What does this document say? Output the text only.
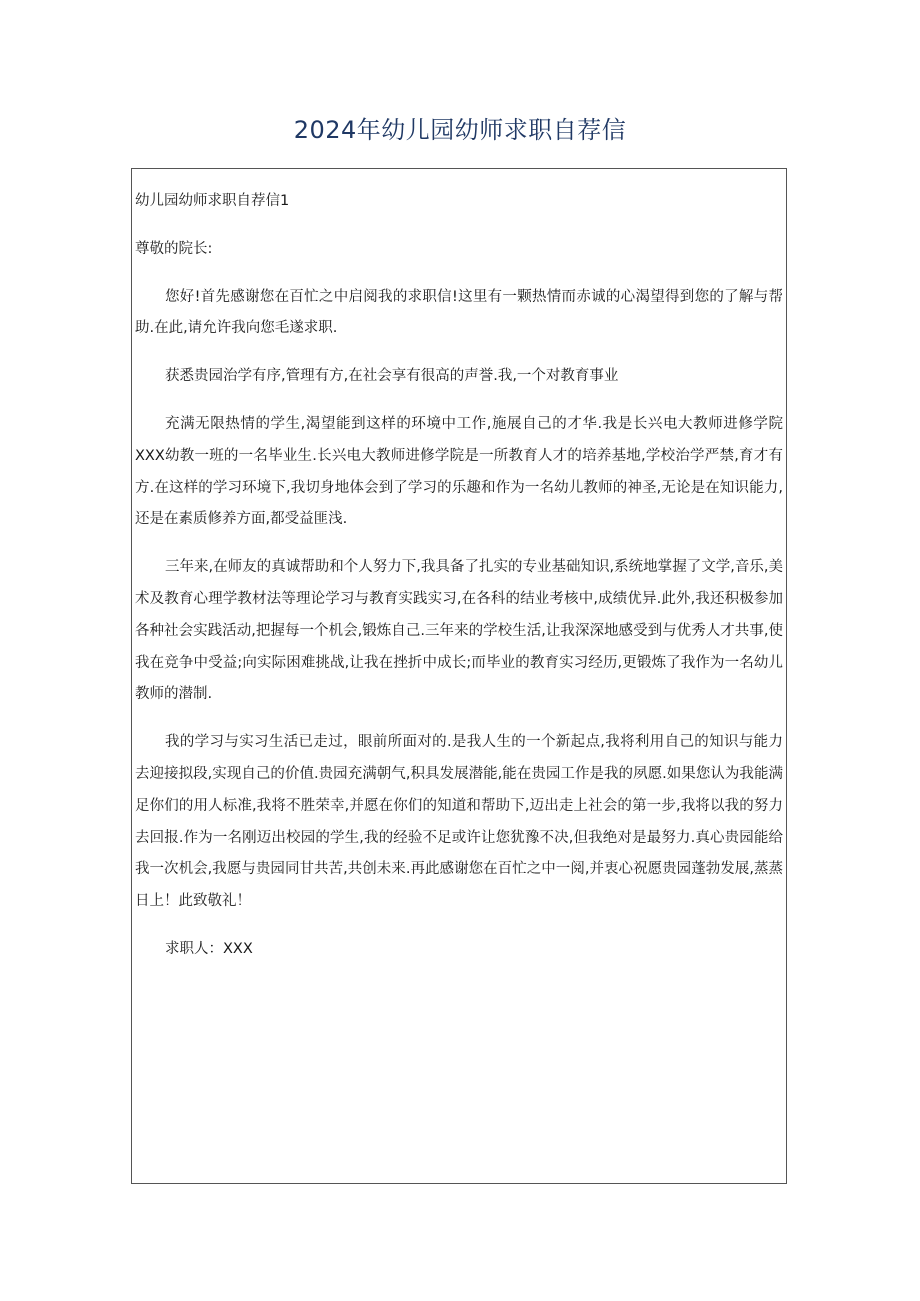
2024年幼儿园幼师求职自荐信

幼儿园幼师求职自荐信1

尊敬的院长:

您好!首先感谢您在百忙之中启阅我的求职信!这里有一颗热情而赤诚的心渴望得到您的了解与帮助.在此,请允许我向您毛遂求职.

获悉贵园治学有序,管理有方,在社会享有很高的声誉.我,一个对教育事业

充满无限热情的学生,渴望能到这样的环境中工作,施展自己的才华.我是长兴电大教师进修学院XXX幼教一班的一名毕业生.长兴电大教师进修学院是一所教育人才的培养基地,学校治学严禁,育才有方.在这样的学习环境下,我切身地体会到了学习的乐趣和作为一名幼儿教师的神圣,无论是在知识能力,还是在素质修养方面,都受益匪浅.

三年来,在师友的真诚帮助和个人努力下,我具备了扎实的专业基础知识,系统地掌握了文学,音乐,美术及教育心理学教材法等理论学习与教育实践实习,在各科的结业考核中,成绩优异.此外,我还积极参加各种社会实践活动,把握每一个机会,锻炼自己.三年来的学校生活,让我深深地感受到与优秀人才共事,使我在竞争中受益;向实际困难挑战,让我在挫折中成长;而毕业的教育实习经历,更锻炼了我作为一名幼儿教师的潜制.

我的学习与实习生活已走过，眼前所面对的.是我人生的一个新起点,我将利用自己的知识与能力去迎接拟段,实现自己的价值.贵园充满朝气,积具发展潜能,能在贵园工作是我的夙愿.如果您认为我能满足你们的用人标准,我将不胜荣幸,并愿在你们的知道和帮助下,迈出走上社会的第一步,我将以我的努力去回报.作为一名刚迈出校园的学生,我的经验不足或许让您犹豫不决,但我绝对是最努力.真心贵园能给我一次机会,我愿与贵园同甘共苦,共创未来.再此感谢您在百忙之中一阅,并衷心祝愿贵园蓬勃发展,蒸蒸日上！此致敬礼！

求职人：XXX
